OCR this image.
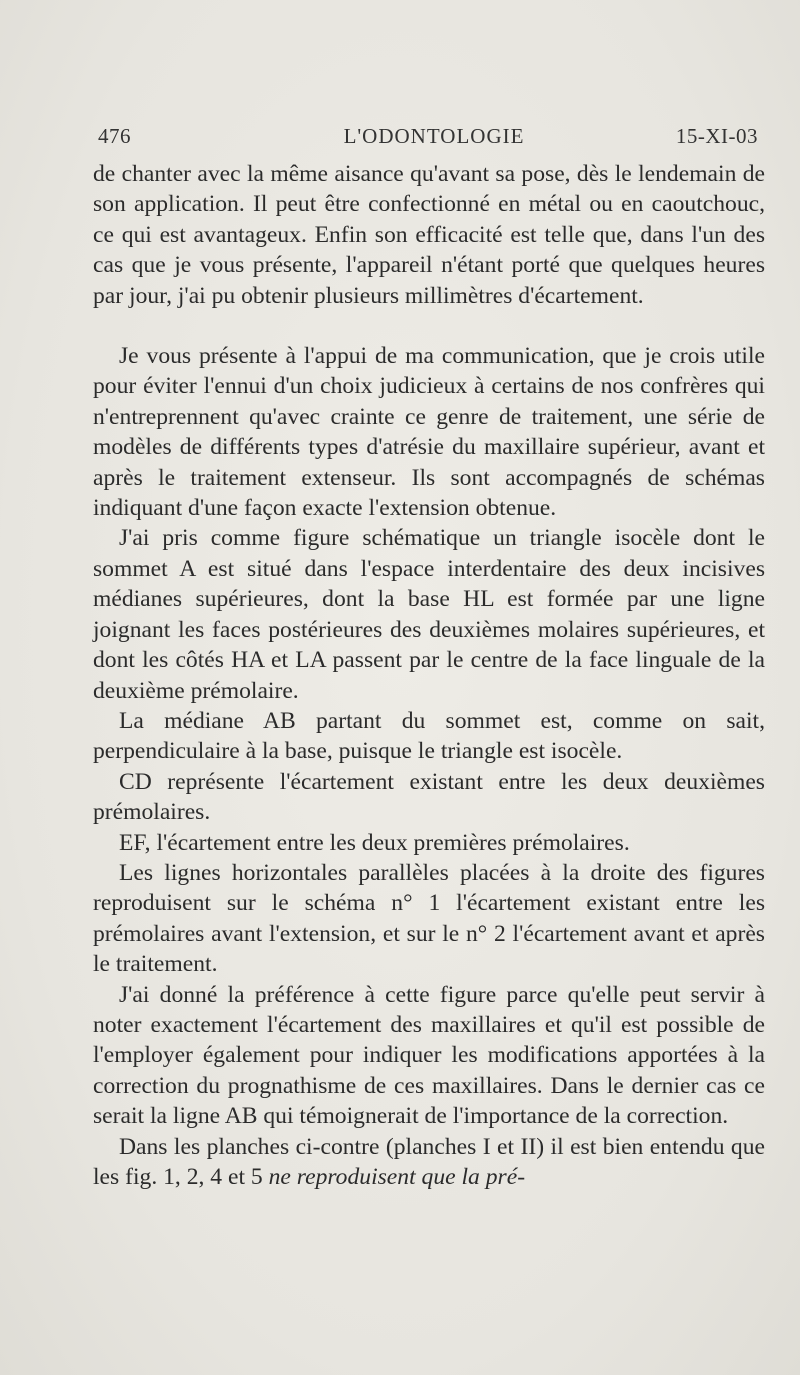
476	L'ODONTOLOGIE	15-XI-03

de chanter avec la même aisance qu'avant sa pose, dès le lendemain de son application. Il peut être confectionné en métal ou en caoutchouc, ce qui est avantageux. Enfin son efficacité est telle que, dans l'un des cas que je vous présente, l'appareil n'étant porté que quelques heures par jour, j'ai pu obtenir plusieurs millimètres d'écartement.

Je vous présente à l'appui de ma communication, que je crois utile pour éviter l'ennui d'un choix judicieux à certains de nos confrères qui n'entreprennent qu'avec crainte ce genre de traitement, une série de modèles de différents types d'atrésie du maxillaire supérieur, avant et après le traitement extenseur. Ils sont accompagnés de schémas indiquant d'une façon exacte l'extension obtenue.

J'ai pris comme figure schématique un triangle isocèle dont le sommet A est situé dans l'espace interdentaire des deux incisives médianes supérieures, dont la base HL est formée par une ligne joignant les faces postérieures des deuxièmes molaires supérieures, et dont les côtés HA et LA passent par le centre de la face linguale de la deuxième prémolaire.

La médiane AB partant du sommet est, comme on sait, perpendiculaire à la base, puisque le triangle est isocèle.

CD représente l'écartement existant entre les deux deuxièmes prémolaires.

EF, l'écartement entre les deux premières prémolaires.

Les lignes horizontales parallèles placées à la droite des figures reproduisent sur le schéma n° 1 l'écartement existant entre les prémolaires avant l'extension, et sur le n° 2 l'écartement avant et après le traitement.

J'ai donné la préférence à cette figure parce qu'elle peut servir à noter exactement l'écartement des maxillaires et qu'il est possible de l'employer également pour indiquer les modifications apportées à la correction du prognathisme de ces maxillaires. Dans le dernier cas ce serait la ligne AB qui témoignerait de l'importance de la correction.

Dans les planches ci-contre (planches I et II) il est bien entendu que les fig. 1, 2, 4 et 5 ne reproduisent que la pré-
